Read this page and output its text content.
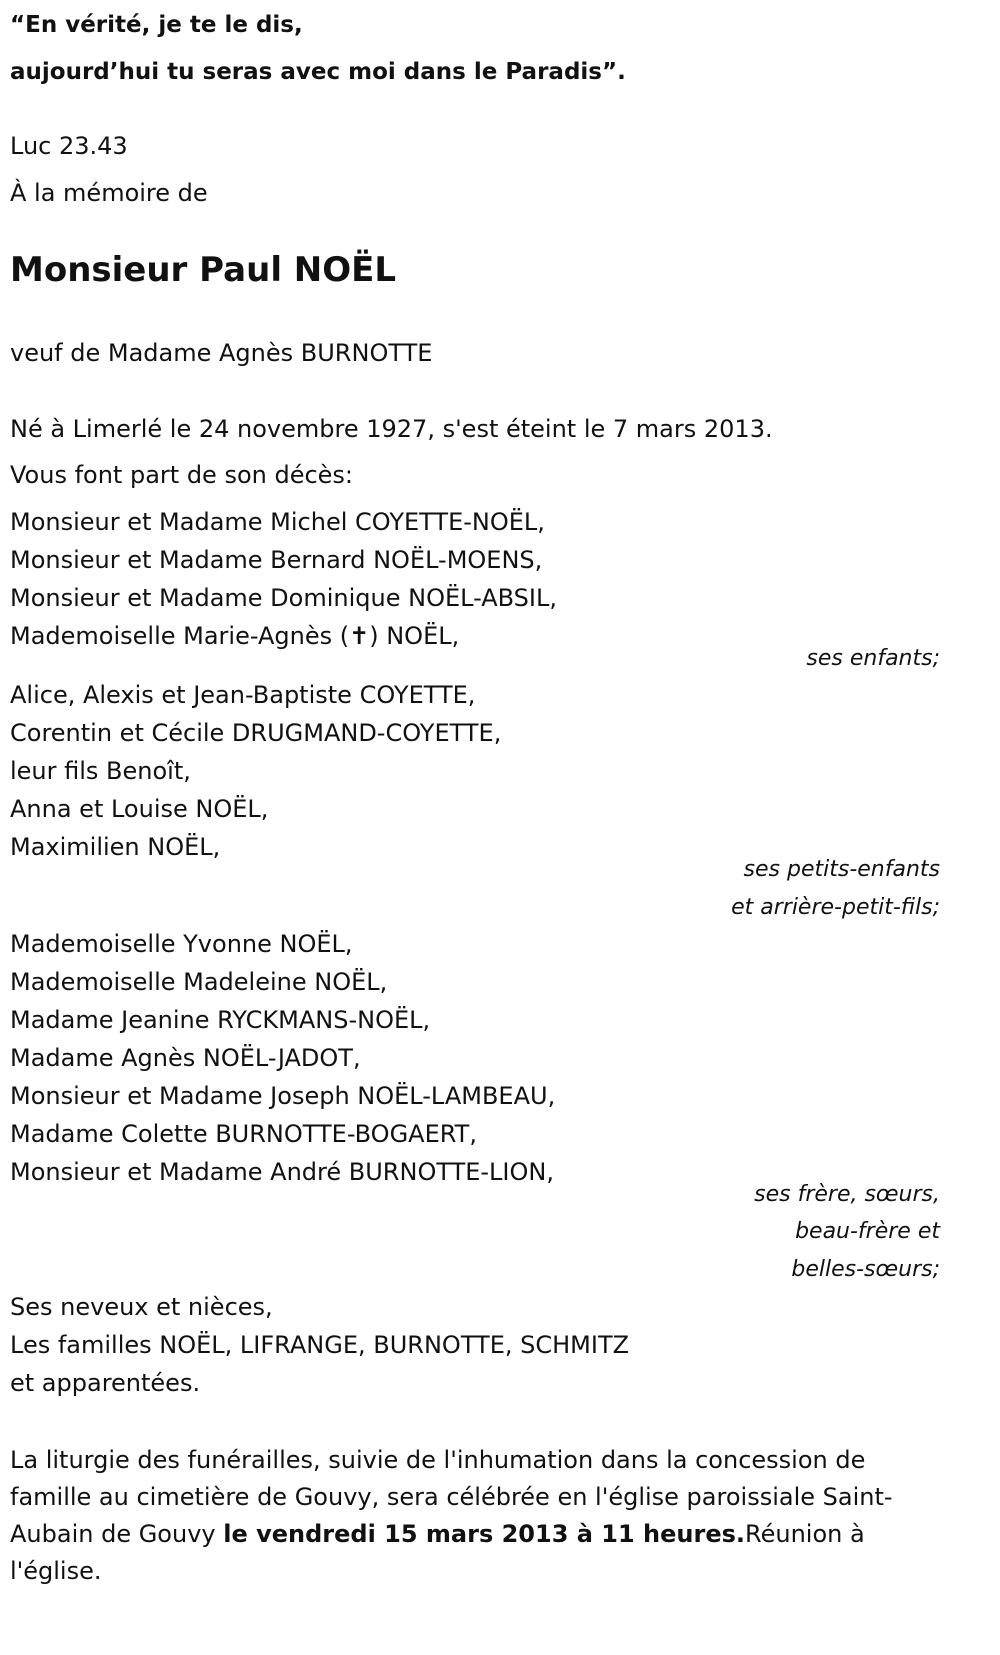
“En vérité, je te le dis,
aujourd’hui tu seras avec moi dans le Paradis”.
Luc 23.43
À la mémoire de
Monsieur Paul NOËL
veuf de Madame Agnès BURNOTTE
Né à Limerlé le 24 novembre 1927, s'est éteint le 7 mars 2013.
Vous font part de son décès:
Monsieur et Madame Michel COYETTE-NOËL,
Monsieur et Madame Bernard NOËL-MOENS,
Monsieur et Madame Dominique NOËL-ABSIL,
Mademoiselle Marie-Agnès (✝) NOËL,
ses enfants;
Alice, Alexis et Jean-Baptiste COYETTE,
Corentin et Cécile DRUGMAND-COYETTE,
leur fils Benoît,
Anna et Louise NOËL,
Maximilien NOËL,
ses petits-enfants
et arrière-petit-fils;
Mademoiselle Yvonne NOËL,
Mademoiselle Madeleine NOËL,
Madame Jeanine RYCKMANS-NOËL,
Madame Agnès NOËL-JADOT,
Monsieur et Madame Joseph NOËL-LAMBEAU,
Madame Colette BURNOTTE-BOGAERT,
Monsieur et Madame André BURNOTTE-LION,
ses frère, sœurs,
beau-frère et
belles-sœurs;
Ses neveux et nièces,
Les familles NOËL, LIFRANGE, BURNOTTE, SCHMITZ
et apparentées.
La liturgie des funérailles, suivie de l'inhumation dans la concession de famille au cimetière de Gouvy, sera célébrée en l'église paroissiale Saint-Aubain de Gouvy le vendredi 15 mars 2013 à 11 heures.Réunion à l'église.
